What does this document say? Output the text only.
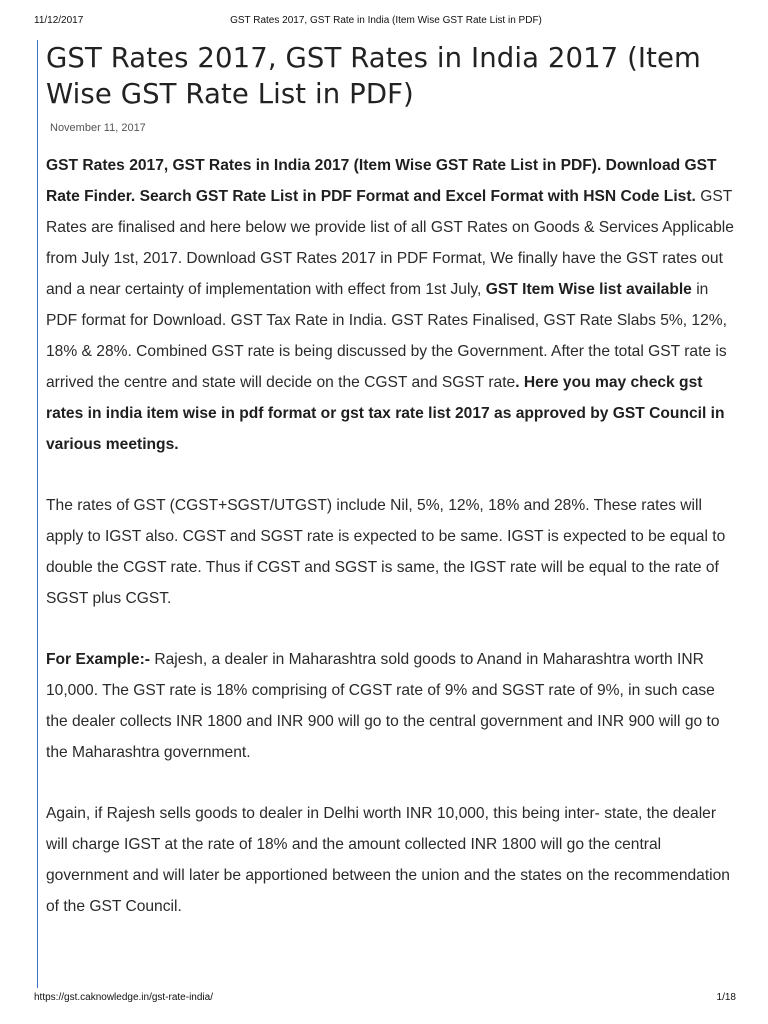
11/12/2017	GST Rates 2017, GST Rate in India (Item Wise GST Rate List in PDF)
GST Rates 2017, GST Rates in India 2017 (Item Wise GST Rate List in PDF)
November 11, 2017

GST Rates 2017, GST Rates in India 2017 (Item Wise GST Rate List in PDF). Download GST Rate Finder. Search GST Rate List in PDF Format and Excel Format with HSN Code List. GST Rates are finalised and here below we provide list of all GST Rates on Goods & Services Applicable from July 1st, 2017. Download GST Rates 2017 in PDF Format, We finally have the GST rates out and a near certainty of implementation with effect from 1st July, GST Item Wise list available in PDF format for Download. GST Tax Rate in India. GST Rates Finalised, GST Rate Slabs 5%, 12%, 18% & 28%. Combined GST rate is being discussed by the Government. After the total GST rate is arrived the centre and state will decide on the CGST and SGST rate. Here you may check gst rates in india item wise in pdf format or gst tax rate list 2017 as approved by GST Council in various meetings.

The rates of GST (CGST+SGST/UTGST) include Nil, 5%, 12%, 18% and 28%. These rates will apply to IGST also. CGST and SGST rate is expected to be same. IGST is expected to be equal to double the CGST rate. Thus if CGST and SGST is same, the IGST rate will be equal to the rate of SGST plus CGST.

For Example:- Rajesh, a dealer in Maharashtra sold goods to Anand in Maharashtra worth INR 10,000. The GST rate is 18% comprising of CGST rate of 9% and SGST rate of 9%, in such case the dealer collects INR 1800 and INR 900 will go to the central government and INR 900 will go to the Maharashtra government.

Again, if Rajesh sells goods to dealer in Delhi worth INR 10,000, this being inter- state, the dealer will charge IGST at the rate of 18% and the amount collected INR 1800 will go the central government and will later be apportioned between the union and the states on the recommendation of the GST Council.

https://gst.caknowledge.in/gst-rate-india/	1/18
